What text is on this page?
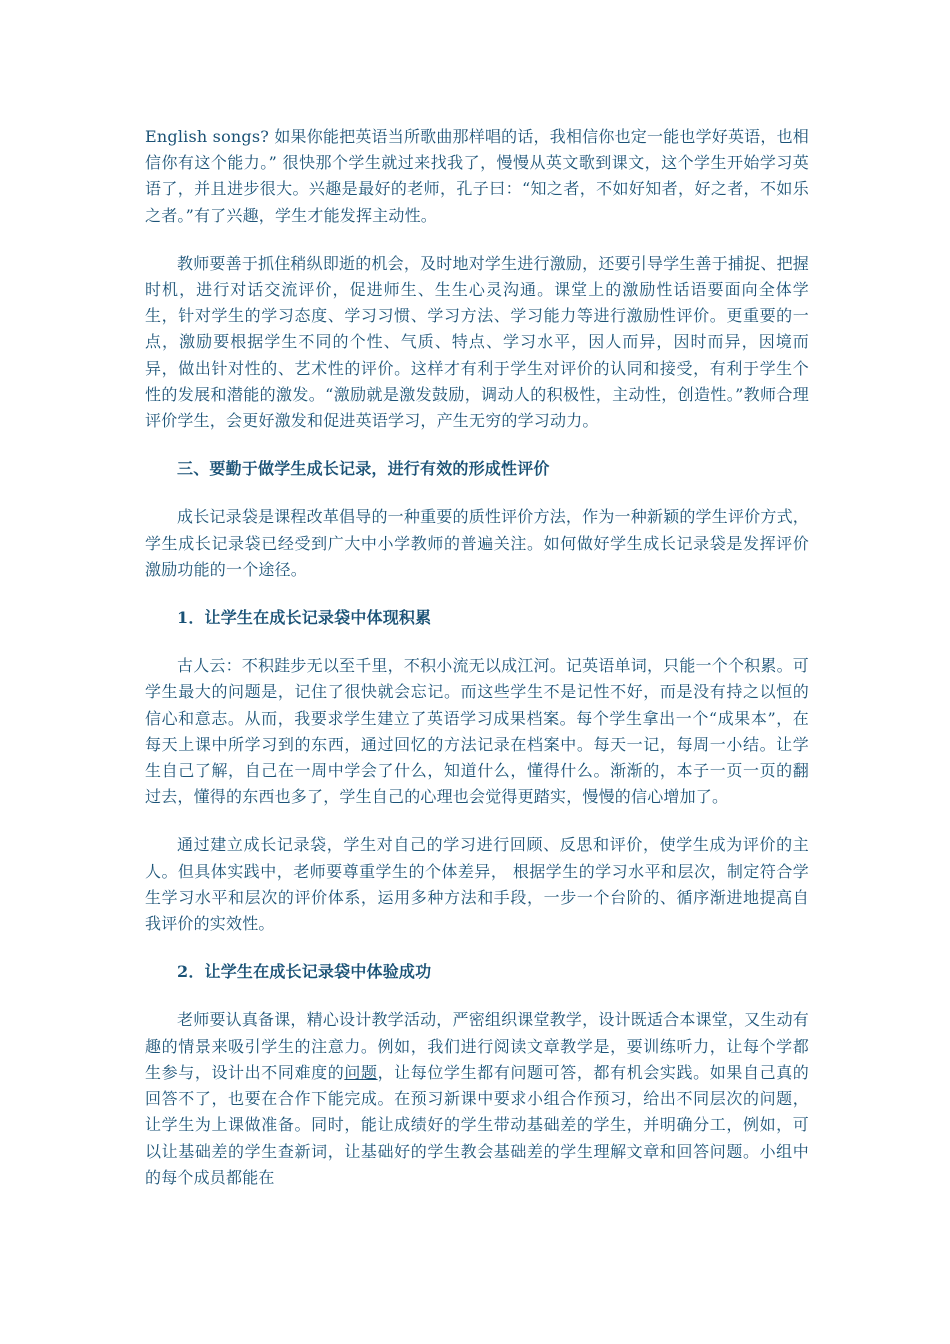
English songs? 如果你能把英语当所歌曲那样唱的话，我相信你也定一能也学好英语，也相信你有这个能力。” 很快那个学生就过来找我了，慢慢从英文歌到课文，这个学生开始学习英语了，并且进步很大。兴趣是最好的老师，孔子曰：“知之者，不如好知者，好之者，不如乐之者。”有了兴趣，学生才能发挥主动性。

教师要善于抓住稍纵即逝的机会，及时地对学生进行激励，还要引导学生善于捕捉、把握时机，进行对话交流评价，促进师生、生生心灵沟通。课堂上的激励性话语要面向全体学生，针对学生的学习态度、学习习惯、学习方法、学习能力等进行激励性评价。更重要的一点，激励要根据学生不同的个性、气质、特点、学习水平，因人而异，因时而异，因境而异，做出针对性的、艺术性的评价。这样才有利于学生对评价的认同和接受，有利于学生个性的发展和潜能的激发。“激励就是激发鼓励，调动人的积极性，主动性，创造性。”教师合理评价学生，会更好激发和促进英语学习，产生无穷的学习动力。

三、要勤于做学生成长记录，进行有效的形成性评价

成长记录袋是课程改革倡导的一种重要的质性评价方法，作为一种新颖的学生评价方式，学生成长记录袋已经受到广大中小学教师的普遍关注。如何做好学生成长记录袋是发挥评价激励功能的一个途径。

1．让学生在成长记录袋中体现积累

古人云：不积跬步无以至千里，不积小流无以成江河。记英语单词，只能一个个积累。可学生最大的问题是，记住了很快就会忘记。而这些学生不是记性不好，而是没有持之以恒的信心和意志。从而，我要求学生建立了英语学习成果档案。每个学生拿出一个“成果本”，在每天上课中所学习到的东西，通过回忆的方法记录在档案中。每天一记，每周一小结。让学生自己了解，自己在一周中学会了什么，知道什么，懂得什么。渐渐的，本子一页一页的翻过去，懂得的东西也多了，学生自己的心理也会觉得更踏实，慢慢的信心增加了。

通过建立成长记录袋，学生对自己的学习进行回顾、反思和评价，使学生成为评价的主人。但具体实践中，老师要尊重学生的个体差异， 根据学生的学习水平和层次，制定符合学生学习水平和层次的评价体系，运用多种方法和手段，一步一个台阶的、循序渐进地提高自我评价的实效性。

2．让学生在成长记录袋中体验成功

老师要认真备课，精心设计教学活动，严密组织课堂教学，设计既适合本课堂，又生动有趣的情景来吸引学生的注意力。例如，我们进行阅读文章教学是，要训练听力，让每个学都生参与，设计出不同难度的问题，让每位学生都有问题可答，都有机会实践。如果自己真的回答不了，也要在合作下能完成。在预习新课中要求小组合作预习，给出不同层次的问题，让学生为上课做准备。同时，能让成绩好的学生带动基础差的学生，并明确分工，例如，可以让基础差的学生查新词，让基础好的学生教会基础差的学生理解文章和回答问题。小组中的每个成员都能在
